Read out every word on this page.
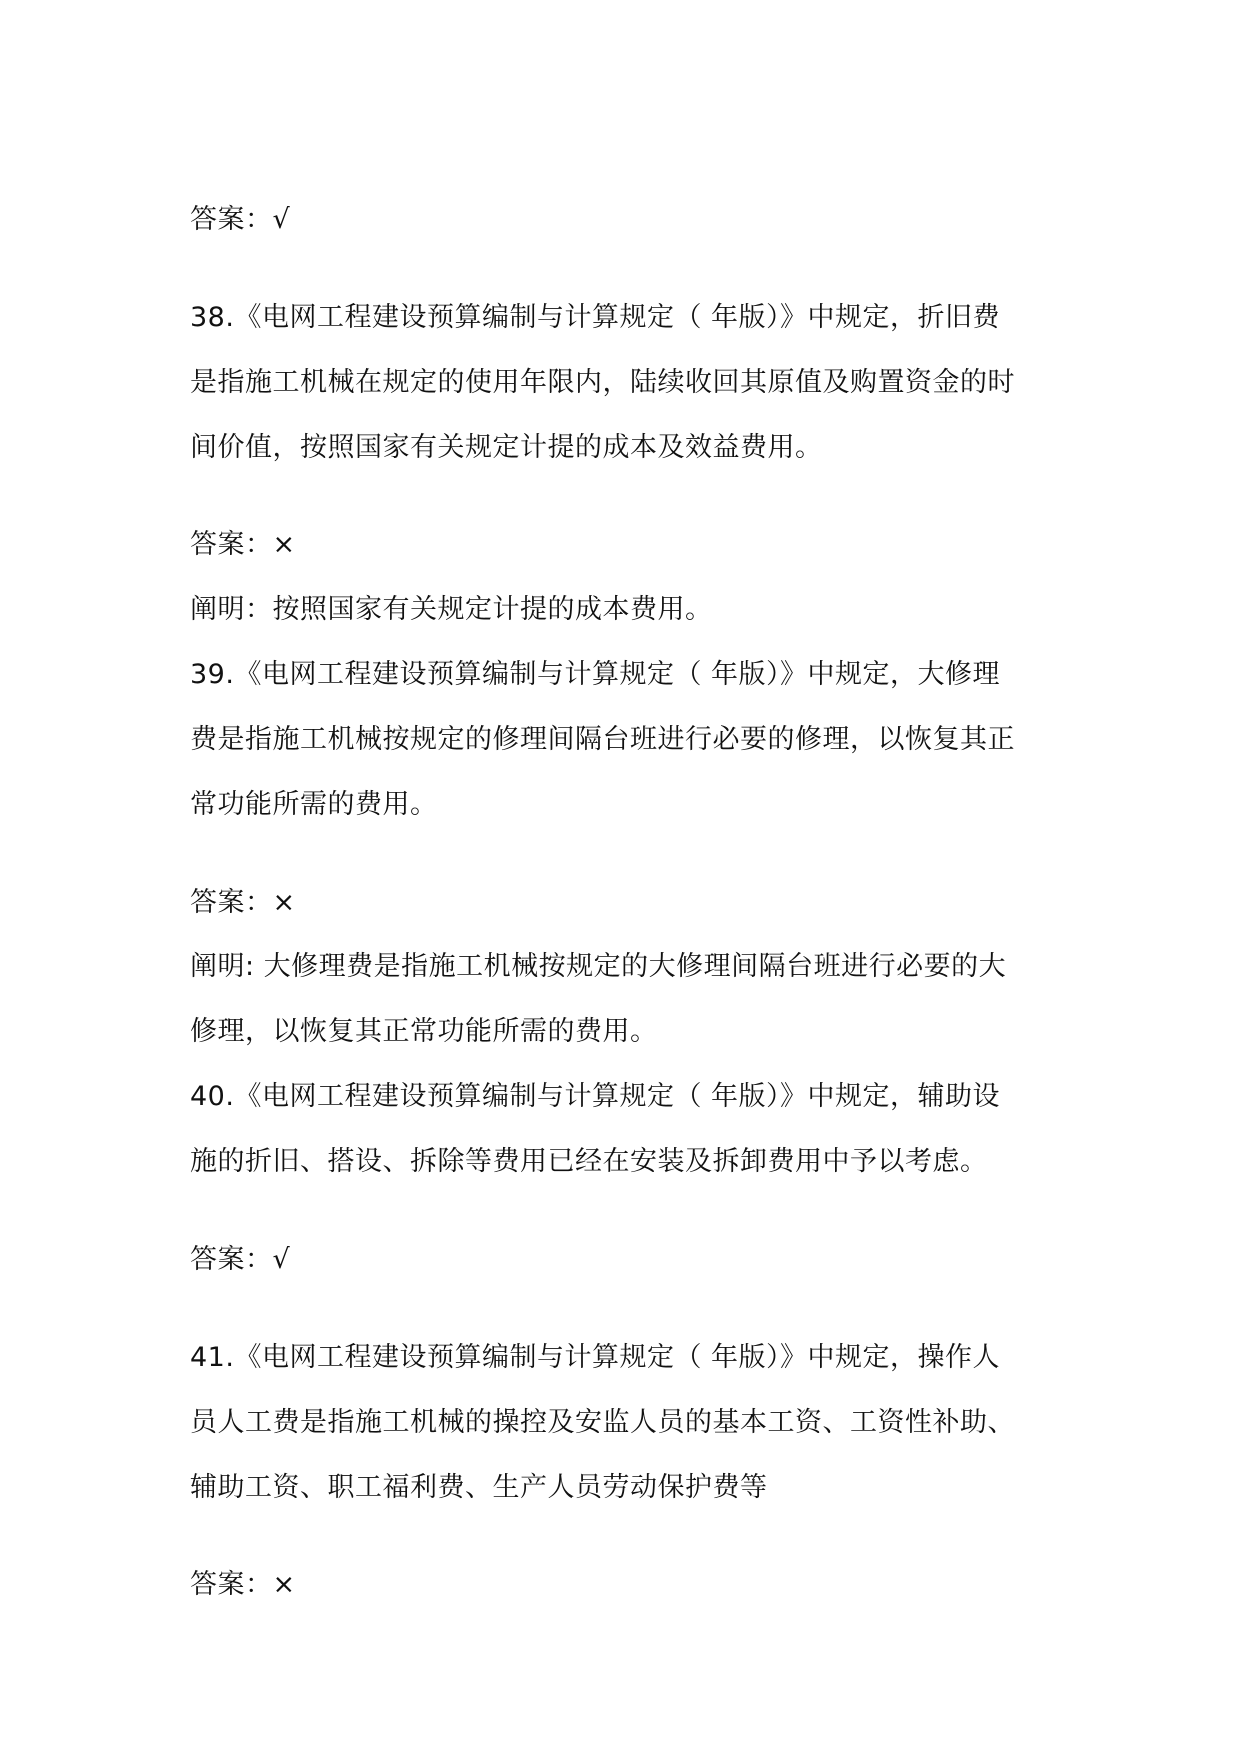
答案：√
38.《电网工程建设预算编制与计算规定（ 年版）》中规定，折旧费
是指施工机械在规定的使用年限内，陆续收回其原值及购置资金的时
间价值，按照国家有关规定计提的成本及效益费用。
答案：×
阐明：按照国家有关规定计提的成本费用。
39.《电网工程建设预算编制与计算规定（ 年版）》中规定，大修理
费是指施工机械按规定的修理间隔台班进行必要的修理，以恢复其正
常功能所需的费用。
答案：×
阐明: 大修理费是指施工机械按规定的大修理间隔台班进行必要的大
修理，以恢复其正常功能所需的费用。
40.《电网工程建设预算编制与计算规定（ 年版）》中规定，辅助设
施的折旧、搭设、拆除等费用已经在安装及拆卸费用中予以考虑。
答案：√
41.《电网工程建设预算编制与计算规定（ 年版）》中规定，操作人
员人工费是指施工机械的操控及安监人员的基本工资、工资性补助、
辅助工资、职工福利费、生产人员劳动保护费等
答案：×
